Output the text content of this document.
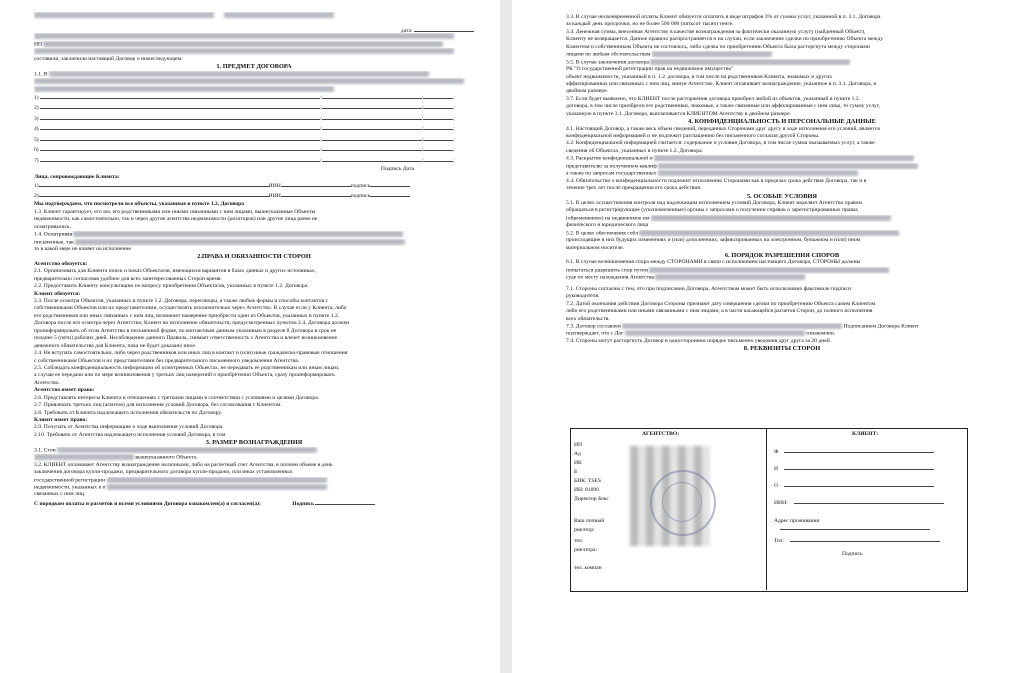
дата:
ИП
составили, заключили настоящий Договор о нижеследующем:
1. ПРЕДМЕТ ДОГОВОРА
1.1. В
1)	/	/	;
2)	/	/	;
3)	/	/	;
4)	/	/	;
5)	/	/	;
6)	/	/	;
7)	/	/	;
Подпись Дата
Лица, сопровождающие Клиента:
1)	ИИН	подпись
2)	ИИН	подпись
Мы подтверждаем, что посмотрели все объекты, указанные в пункте 1.2. Договора
1.3. Клиент гарантирует, что им, его родственниками или иными связанными с ним лицами, вышеуказанные Объекты
недвижимости, как самостоятельно, так и через другие агентства недвижимости (риэлторов) или другие лица ранее не
осматривались.
1.4. Осматривая
письменные, так
то в какой мере не влияет на исполнение
2.ПРАВА И ОБЯЗАННОСТИ СТОРОН
Агентство обязуется:
2.1. Организовать для Клиента поиск и показ Объекта/ов, имеющихся вариантов в базах данных и других источниках,
предварительно согласовав удобное для всех заинтересованных Сторон время.
2.2. Предоставить Клиенту консультацию по вопросу приобретения Объекта/ов, указанных в пункте 1.2. Договора.
Клиент обязуется:
2.3. После осмотра Объектов, указанных в пункте 1.2. Договора, переговоры, а также любые формы и способы контактов с
собственниками Объектов или их представителями, осуществлять исключительно через Агентство. В случае если у Клиента, либо
его родственников или иных связанных с ним лиц, возникнет намерение приобрести один из Объектов, указанных в пункте 1.2.
Договора после его осмотра через Агентство, Клиент во исполнение обязательств, предусмотренных пунктом 2.4. Договора должен
проинформировать об этом Агентство в письменной форме, по контактным данным указанным в разделе 8 Договора в срок не
позднее 5 (пяти) рабочих дней. Несоблюдение данного Правила, снимает ответственность с Агентства и влечет возникновение
денежного обязательства для Клиента, пока не будет доказано иное.
2.4. Не вступать самостоятельно, либо через родственников или иных лиц в контакт и (или) иные гражданско-правовые отношения
с собственниками Объектов и их представителями без предварительного письменного уведомления Агентства.
2.5. Соблюдать конфиденциальность информации об осмотренных Объектах, не передавать ее родственникам или иным лицам,
а случае ее передачи или по мере возникновения у третьих лиц намерений о приобретении Объекта, сразу проинформировать
Агентство.
Агентство имеет право:
2.6. Представлять интересы Клиента в отношениях с третьими лицами в соответствии с условиями и целями Договора.
2.7. Привлекать третьих лиц (агентов) для исполнения условий Договора, без согласования с Клиентом.
2.8. Требовать от Клиента надлежащего исполнения обязательств по Договору.
Клиент имеет право:
2.9. Получать от Агентства информацию о ходе выполнения условий Договора.
2.10. Требовать от Агентства надлежащего исполнения условий Договора, в том
3. РАЗМЕР ВОЗНАГРАЖДЕНИЯ
3.1. Стои
вышеуказанного Объекта.
3.2. КЛИЕНТ оплачивает Агентству вознаграждение наличными, либо на расчетный счет Агентства, в полном объеме в день
заключения договора купли-продажи, предварительного договора купли-продажи, или иных установленных
государственной регистрации
недвижимости, указанных в п
связанных с ним лиц.
С порядком оплаты и расчетов и всеми условиями Договора ознакомлен(а) и согласен(а):	Подпись
3.3. В случае несвоевременной оплаты Клиент обязуется оплатить в виде штрафов 3% от суммы услуг, указанной в п. 3.1. Договора
за каждый день просрочки, но не более 500 000 (пятьсот тысяч) тенге.
3.4. Денежная сумма, внесенная Агентству в качестве вознаграждения за фактически оказанную услугу (найденный Объект),
Клиенту не возвращается. Данное правило распространяется и на случаи, если заключение сделки по приобретению Объекта между
Клиентом и собственником Объекта не состоялось, либо сделка по приобретению Объекта была расторгнута между сторонами
лицами по любым обстоятельствам
3.5. В случае заключения договора
РК "О государственной регистрации прав на недвижимое имущество"
объект недвижимости, указанный в п. 1.2. договора, в том числе на родственников Клиента, знакомых и других
аффилированных или связанных с ним лиц, минуя Агентство, Клиент оплачивает вознаграждение, указанное в п. 3.1. Договора, в
двойном размере.
3.7. Если будет выявлено, что КЛИЕНТ после расторжения договора приобрел любой из объектов, указанный в пункте 1.2.
договора, в том числе приобрели его родственники, знакомые, а также связанные или аффилированные с ним лица, то сумму услуг,
указанную в пункте 3.1. Договора, выплачивается КЛИЕНТОМ Агентству в двойном размере.
4. КОНФИДЕНЦИАЛЬНОСТЬ И ПЕРСОНАЛЬНЫЕ ДАННЫЕ
4.1. Настоящий Договор, а также весь объем сведений, переданных Сторонами друг другу в ходе исполнения его условий, является
конфиденциальной информацией и не подлежит разглашению без письменного согласия другой Стороны.
4.2. Конфиденциальной информацией считается: содержание и условия Договора, в том числе сумма оказываемых услуг, а также
сведения об Объектах, указанных в пункте 1.2. Договора.
4.3. Раскрытие конфиденциальной и
представителю за получением квалиф
а также по запросам государственных
4.4. Обязательство о конфиденциальности подлежит исполнению Сторонами как в пределах срока действия Договора, так и в
течение трех лет после прекращения его срока действия.
5. ОСОБЫЕ УСЛОВИЯ
5.1. В целях осуществления контроля над надлежащим исполнением условий Договора, Клиент наделяет Агентство правом
обращаться в регистрирующие (уполномоченные) органы с запросами о получении справок о зарегистрированных правах
(обременениях) на недвижимое им
физического и юридического лица
5.2. В целях обеспечения собл
происходящие в них будущих изменениях и (или) дополнениях, зафиксированных на электронном, бумажном и (или) ином
материальном носителе.
6. ПОРЯДОК РАЗРЕШЕНИЯ СПОРОВ
6.1. В случае возникновения спора между СТОРОНАМИ в связи с исполнением настоящего Договора, СТОРОНЫ должны
попытаться разрешить спор путем
суде по месту нахождения Агентства
7.1. Стороны согласны с тем, что при подписании Договора, Агентством может быть использовано факсимиле подписи
руководителя.
7.2. Датой окончания действия Договора Стороны признают дату совершения сделки по приобретению Объекта самим Клиентом
либо его родственниками или иными связанными с ним лицами, а в части касающейся расчетов Сторон, до полного исполнения
всех обязательств.
7.3. Договор составлен	Подписанием Договора Клиент
подтверждает, что с Дог	ознакомлен.
7.4. Стороны могут расторгнуть Договор в одностороннем порядке письменно уведомив друг друга за 20 дней.
8. РЕКВИЗИТЫ СТОРОН
АГЕНТСТВО:	КЛИЕНТ:
ИП
Ад
ИК
Б
БИК: TSES
ИН: 81090
Директор Бекс
Ваш личный
риелтор:
тел.
риелтора:
тел. компан
Ф
И
О
ИИН:
Адрес проживания
Тел:
Подпись
